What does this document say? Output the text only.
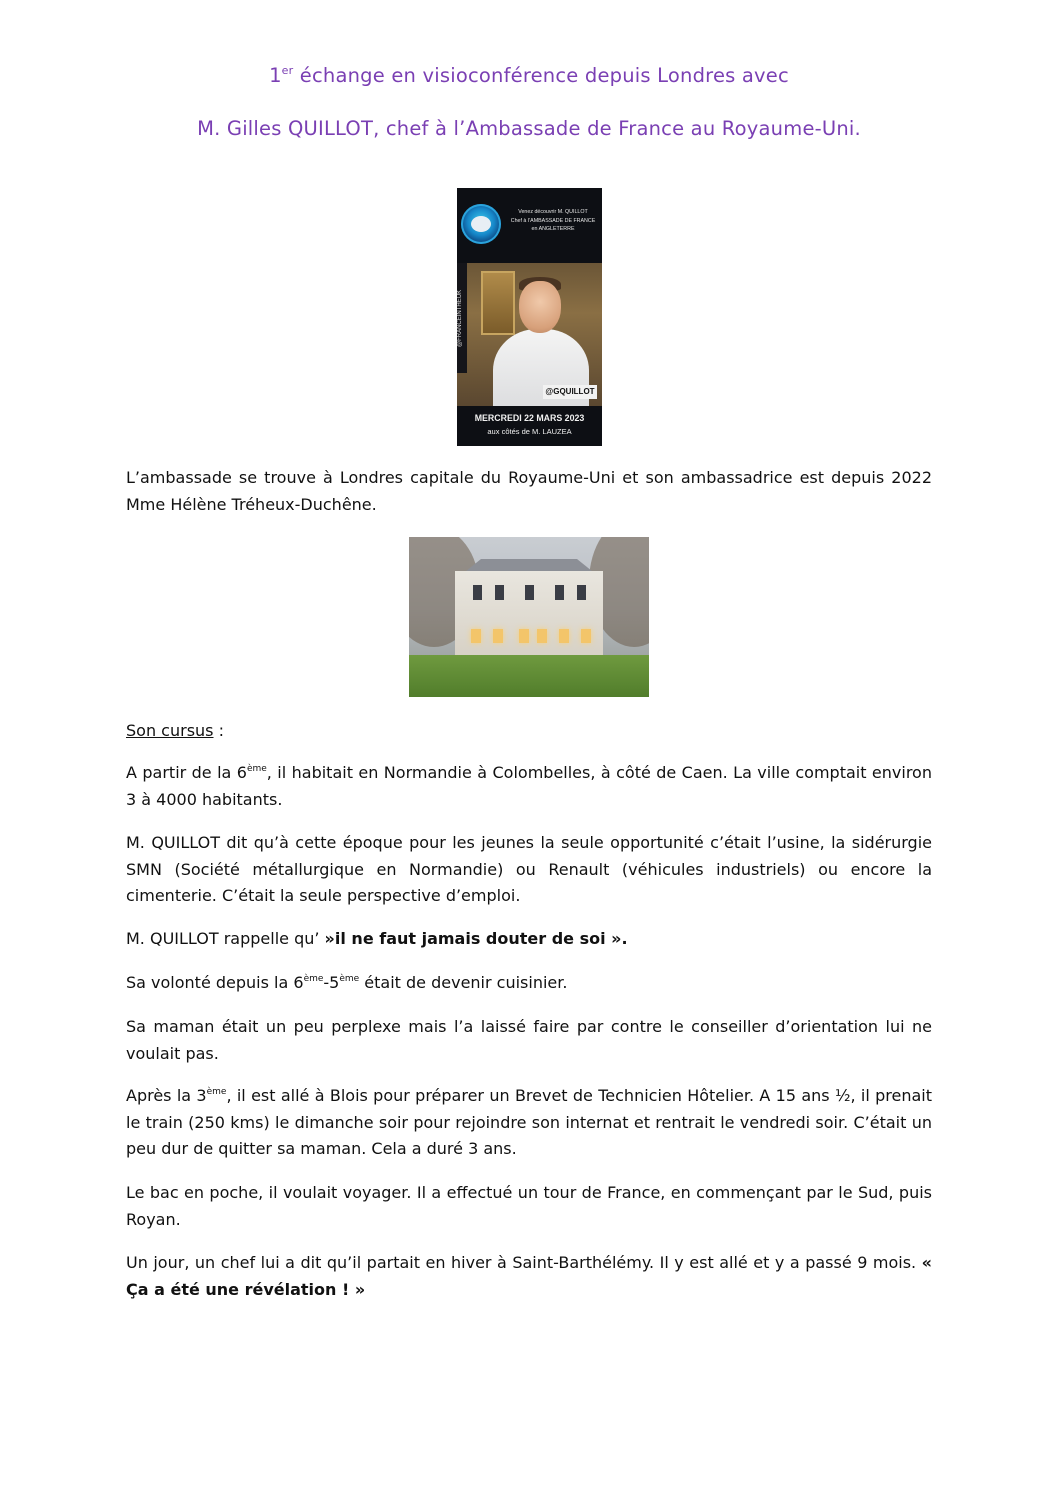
1er échange en visioconférence depuis Londres avec
M. Gilles QUILLOT, chef à l’Ambassade de France au Royaume-Uni.
Venez découvrir M. QUILLOT
Chef à l’AMBASSADE DE FRANCE
en ANGLETERRE
@FRANCEINTHEUK
@GQUILLOT
MERCREDI 22 MARS 2023
aux côtés de M. LAUZEA
L’ambassade se trouve à Londres capitale du Royaume-Uni et son ambassadrice est depuis 2022 Mme Hélène Tréheux-Duchêne.
Son cursus :
A partir de la 6ème, il habitait en Normandie à Colombelles, à côté de Caen. La ville comptait environ 3 à 4000 habitants.
M. QUILLOT dit qu’à cette époque pour les jeunes la seule opportunité c’était l’usine, la sidérurgie SMN (Société métallurgique en Normandie) ou Renault (véhicules industriels) ou encore la cimenterie. C’était la seule perspective d’emploi.
M. QUILLOT rappelle qu’ »il ne faut jamais douter de soi ».
Sa volonté depuis la 6ème-5ème était de devenir cuisinier.
Sa maman était un peu perplexe mais l’a laissé faire par contre le conseiller d’orientation lui ne voulait pas.
Après la 3ème, il est allé à Blois pour préparer un Brevet de Technicien Hôtelier. A 15 ans ½, il prenait le train (250 kms) le dimanche soir pour rejoindre son internat et rentrait le vendredi soir. C’était un peu dur de quitter sa maman. Cela a duré 3 ans.
Le bac en poche, il voulait voyager. Il a effectué un tour de France, en commençant par le Sud, puis Royan.
Un jour, un chef lui a dit qu’il partait en hiver à Saint-Barthélémy. Il y est allé et y a passé 9 mois. « Ça a été une révélation ! »
